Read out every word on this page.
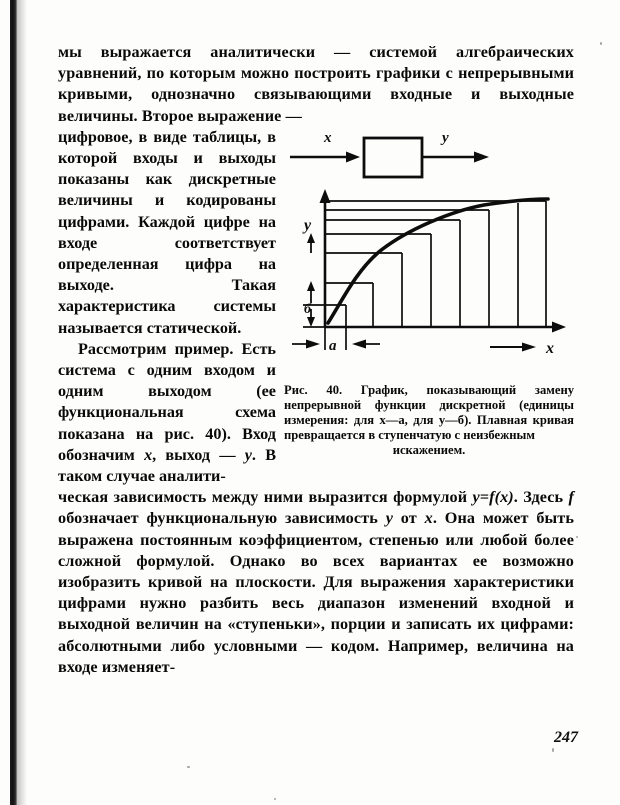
мы выражается аналитически — системой алгебраических уравнений, по которым можно построить графики с непрерывными кривыми, однозначно связывающими входные и выходные величины. Второе выражение —

x	y
y
x
б
a
Рис. 40. График, показывающий замену непрерывной функции дискретной (единицы измерения: для x—a, для y—б). Плавная кривая превращается в ступенчатую с неизбежным
искажением.

цифровое, в виде таблицы, в которой входы и выходы показаны как дискретные величины и кодированы цифрами. Каждой цифре на входе соответствует определенная цифра на выходе. Такая характеристика системы называется статической.

Рассмотрим пример. Есть система с одним входом и одним выходом (ее функциональная схема показана на рис. 40). Вход обозначим x, выход — y. В таком случае аналити-

ческая зависимость между ними выразится формулой y=f(x). Здесь f обозначает функциональную зависимость y от x. Она может быть выражена постоянным коэффициентом, степенью или любой более сложной формулой. Однако во всех вариантах ее возможно изобразить кривой на плоскости. Для выражения характеристики цифрами нужно разбить весь диапазон изменений входной и выходной величин на «ступеньки», порции и записать их цифрами: абсолютными либо условными — кодом. Например, величина на входе изменяет-

247
